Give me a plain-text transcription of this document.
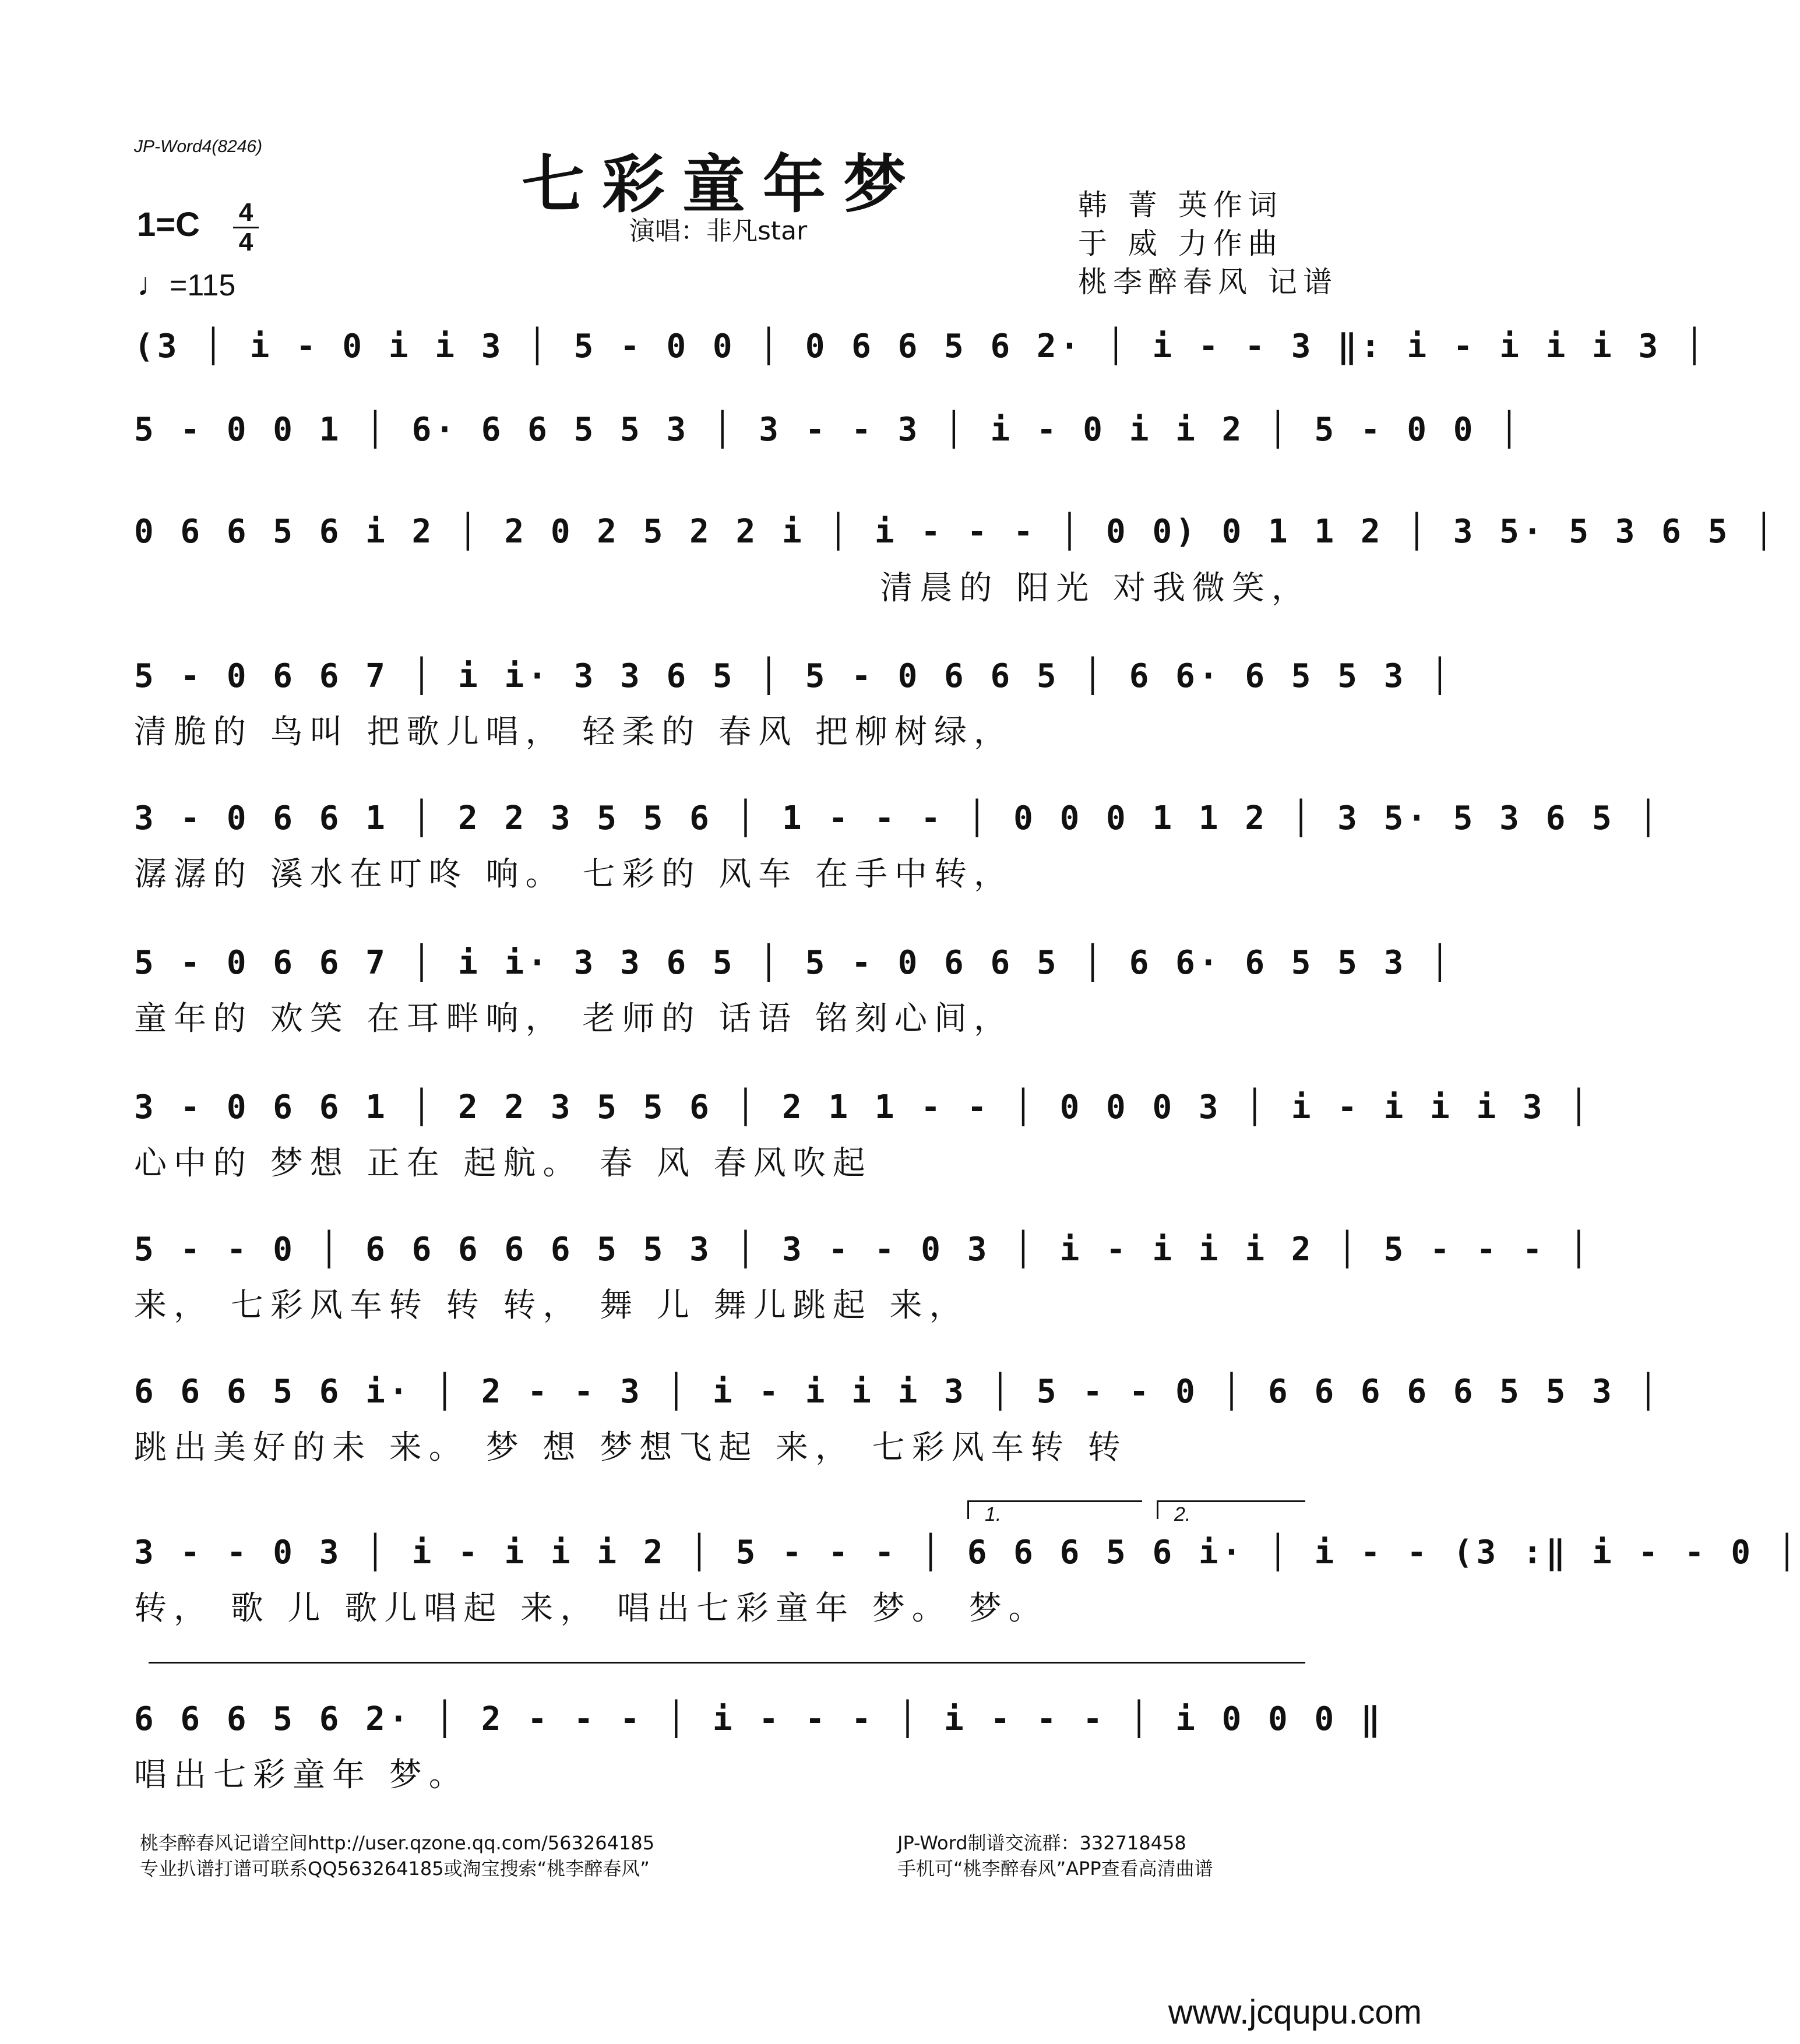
JP-Word4(8246)
七彩童年梦
演唱：非凡star
韩 菁 英作词
于 威 力作曲
桃李醉春风 记谱
1=C 4
4
♩=115
(3 │ i - 0 i i 3 │ 5 - 0 0 │ 0 6 6 5 6 2· │ i - - 3 ‖: i - i i i 3 │
5 - 0 0 1 │ 6· 6 6 5 5 3 │ 3 - - 3 │ i - 0 i i 2 │ 5 - 0 0 │
0 6 6 5 6 i 2 │ 2 0 2 5 2 2 i │ i - - - │ 0 0) 0 1 1 2 │ 3 5· 5 3 6 5 │
清晨的 阳光 对我微笑，
5 - 0 6 6 7 │ i i· 3 3 6 5 │ 5 - 0 6 6 5 │ 6 6· 6 5 5 3 │
清脆的 鸟叫 把歌儿唱， 轻柔的 春风 把柳树绿，
3 - 0 6 6 1 │ 2 2 3 5 5 6 │ 1 - - - │ 0 0 0 1 1 2 │ 3 5· 5 3 6 5 │
潺潺的 溪水在叮咚 响。 七彩的 风车 在手中转，
5 - 0 6 6 7 │ i i· 3 3 6 5 │ 5 - 0 6 6 5 │ 6 6· 6 5 5 3 │
童年的 欢笑 在耳畔响， 老师的 话语 铭刻心间，
3 - 0 6 6 1 │ 2 2 3 5 5 6 │ 2 1 1 - - │ 0 0 0 3 │ i - i i i 3 │
心中的 梦想 正在 起航。 春 风 春风吹起
5 - - 0 │ 6 6 6 6 6 5 5 3 │ 3 - - 0 3 │ i - i i i 2 │ 5 - - - │
来， 七彩风车转 转 转， 舞 儿 舞儿跳起 来，
6 6 6 5 6 i· │ 2 - - 3 │ i - i i i 3 │ 5 - - 0 │ 6 6 6 6 6 5 5 3 │
跳出美好的未 来。 梦 想 梦想飞起 来， 七彩风车转 转
1.	2.
3 - - 0 3 │ i - i i i 2 │ 5 - - - │ 6 6 6 5 6 i· │ i - - (3 :‖ i - - 0 │
转， 歌 儿 歌儿唱起 来， 唱出七彩童年 梦。 梦。
6 6 6 5 6 2· │ 2 - - - │ i - - - │ i - - - │ i 0 0 0 ‖
唱出七彩童年 梦。
桃李醉春风记谱空间http://user.qzone.qq.com/563264185
专业扒谱打谱可联系QQ563264185或淘宝搜索“桃李醉春风”
JP-Word制谱交流群：332718458
手机可“桃李醉春风”APP查看高清曲谱
www.jcqupu.com
